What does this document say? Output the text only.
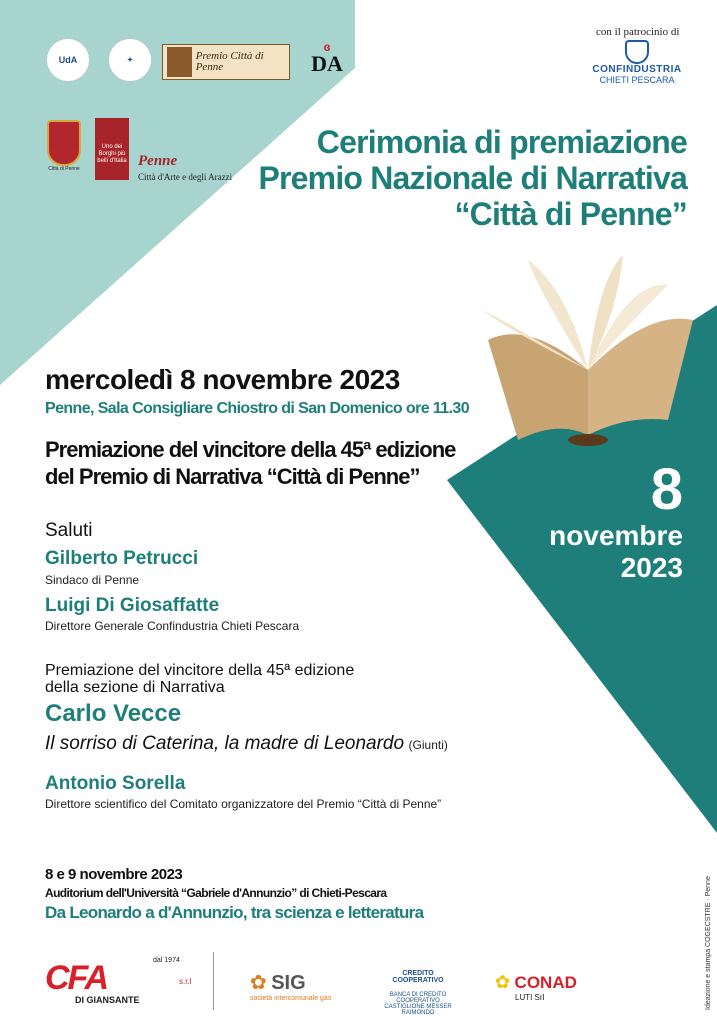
UdA	✦	Premio Città di Penne
ɞ
DA
con il patrocinio di
CONFINDUSTRIA
CHIETI PESCARA
Città di Penne
Uno dei Borghi più belli d'Italia Penne
Città d'Arte e degli Arazzi
Cerimonia di premiazione
Premio Nazionale di Narrativa
“Città di Penne”
mercoledì 8 novembre 2023
Penne, Sala Consigliare Chiostro di San Domenico ore 11.30
Premiazione del vincitore della 45ª edizione
del Premio di Narrativa “Città di Penne”	8
novembre
2023
Saluti
Gilberto Petrucci
Sindaco di Penne
Luigi Di Giosaffatte
Direttore Generale Confindustria Chieti Pescara
Premiazione del vincitore della 45ª edizione
della sezione di Narrativa
Carlo Vecce
Il sorriso di Caterina, la madre di Leonardo (Giunti)
Antonio Sorella
Direttore scientifico del Comitato organizzatore del Premio “Città di Penne”
8 e 9 novembre 2023
Auditorium dell'Università “Gabriele d'Annunzio” di Chieti-Pescara
Da Leonardo a d'Annunzio, tra scienza e letteratura	Ideazione e stampa COGECSTRE · Penne
dal 1974
CFA	s.r.l
DI GIANSANTE
✿ SIG
società intercomunale gas
CREDITO COOPERATIVO
BANCA DI CREDITO COOPERATIVO
CASTIGLIONE MESSER RAIMONDO
✿ CONAD
LUTI Srl
